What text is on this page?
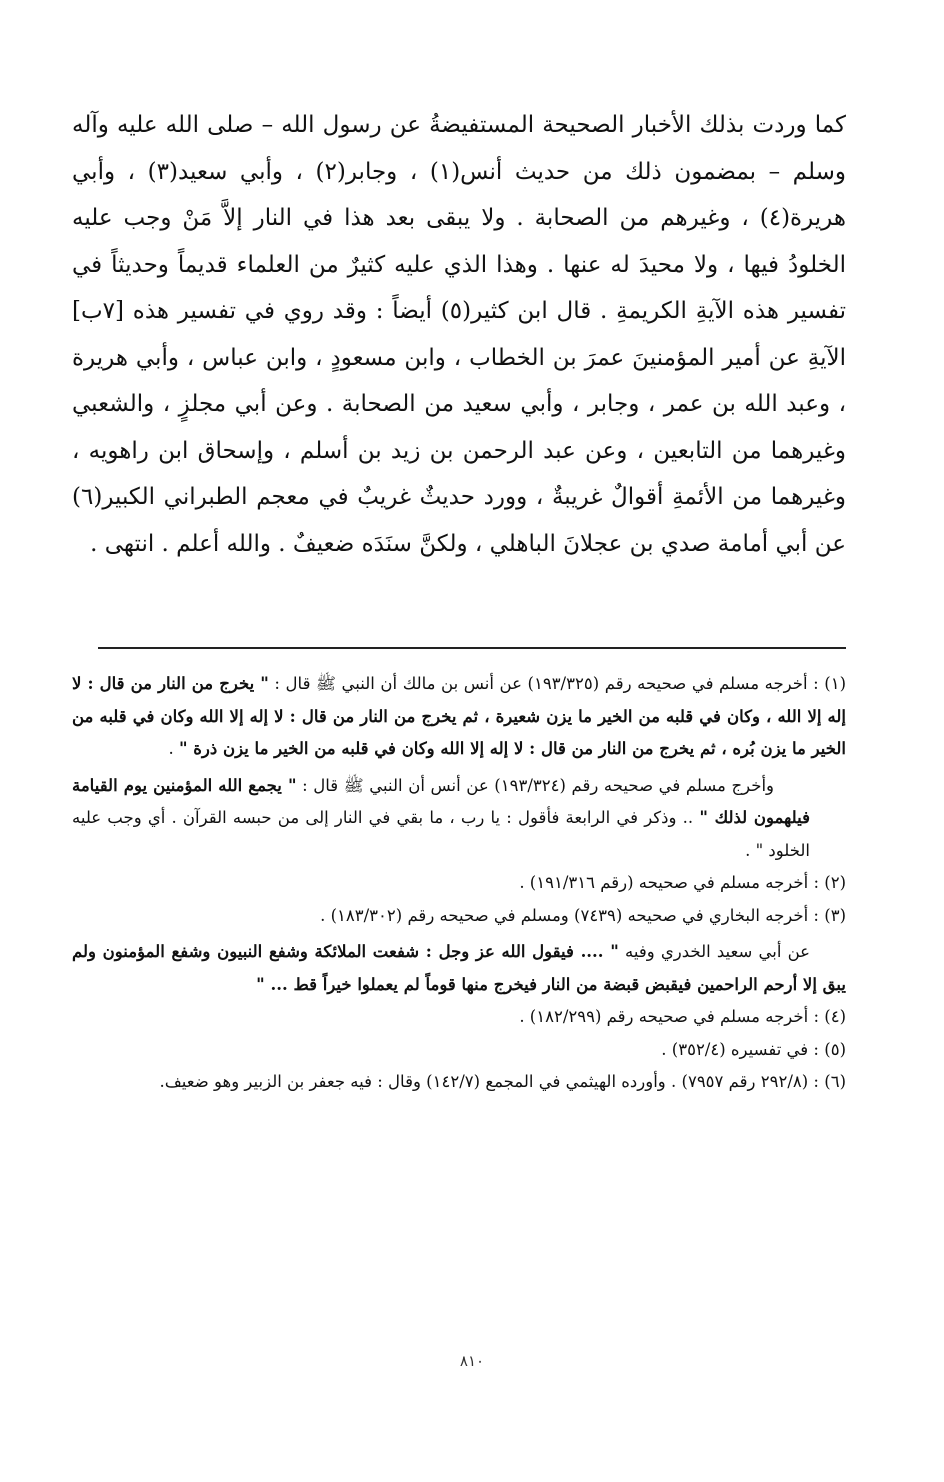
كما وردت بذلك الأخبار الصحيحة المستفيضةُ عن رسول الله – صلى الله عليه وآله وسلم – بمضمون ذلك من حديث أنس(١) ، وجابر(٢) ، وأبي سعيد(٣) ، وأبي هريرة(٤) ، وغيرهم من الصحابة . ولا يبقى بعد هذا في النار إلاَّ مَنْ وجب عليه الخلودُ فيها ، ولا محيدَ له عنها . وهذا الذي عليه كثيرٌ من العلماء قديماً وحديثاً في تفسير هذه الآيةِ الكريمةِ . قال ابن كثير(٥) أيضاً : وقد روي في تفسير هذه [٧ب] الآيةِ عن أمير المؤمنينَ عمرَ بن الخطاب ، وابن مسعودٍ ، وابن عباس ، وأبي هريرة ، وعبد الله بن عمر ، وجابر ، وأبي سعيد من الصحابة . وعن أبي مجلزٍ ، والشعبي وغيرهما من التابعين ، وعن عبد الرحمن بن زيد بن أسلم ، وإسحاق ابن راهويه ، وغيرهما من الأئمةِ أقوالٌ غريبةٌ ، وورد حديثٌ غريبٌ في معجم الطبراني الكبير(٦) عن أبي أمامة صدي بن عجلانَ الباهلي ، ولكنَّ سنَدَه ضعيفٌ . والله أعلم . انتهى .

(١) : أخرجه مسلم في صحيحه رقم (١٩٣/٣٢٥) عن أنس بن مالك أن النبي ﷺ قال : " يخرج من النار من قال : لا إله إلا الله ، وكان في قلبه من الخير ما يزن شعيرة ، ثم يخرج من النار من قال : لا إله إلا الله وكان في قلبه من الخير ما يزن بُره ، ثم يخرج من النار من قال : لا إله إلا الله وكان في قلبه من الخير ما يزن ذرة " .

وأخرج مسلم في صحيحه رقم (١٩٣/٣٢٤) عن أنس أن النبي ﷺ قال : " يجمع الله المؤمنين يوم القيامة فيلهمون لذلك " .. وذكر في الرابعة فأقول : يا رب ، ما بقي في النار إلى من حبسه القرآن . أي وجب عليه الخلود " .

(٢) : أخرجه مسلم في صحيحه (رقم ١٩١/٣١٦) .

(٣) : أخرجه البخاري في صحيحه (٧٤٣٩) ومسلم في صحيحه رقم (١٨٣/٣٠٢) .

عن أبي سعيد الخدري وفيه " .... فيقول الله عز وجل : شفعت الملائكة وشفع النبيون وشفع المؤمنون ولم يبق إلا أرحم الراحمين فيقبض قبضة من النار فيخرج منها قوماً لم يعملوا خيراً قط ... "

(٤) : أخرجه مسلم في صحيحه رقم (١٨٢/٢٩٩) .

(٥) : في تفسيره (٣٥٢/٤) .

(٦) : (٢٩٢/٨ رقم ٧٩٥٧) . وأورده الهيثمي في المجمع (١٤٢/٧) وقال : فيه جعفر بن الزبير وهو ضعيف.

٨١٠
